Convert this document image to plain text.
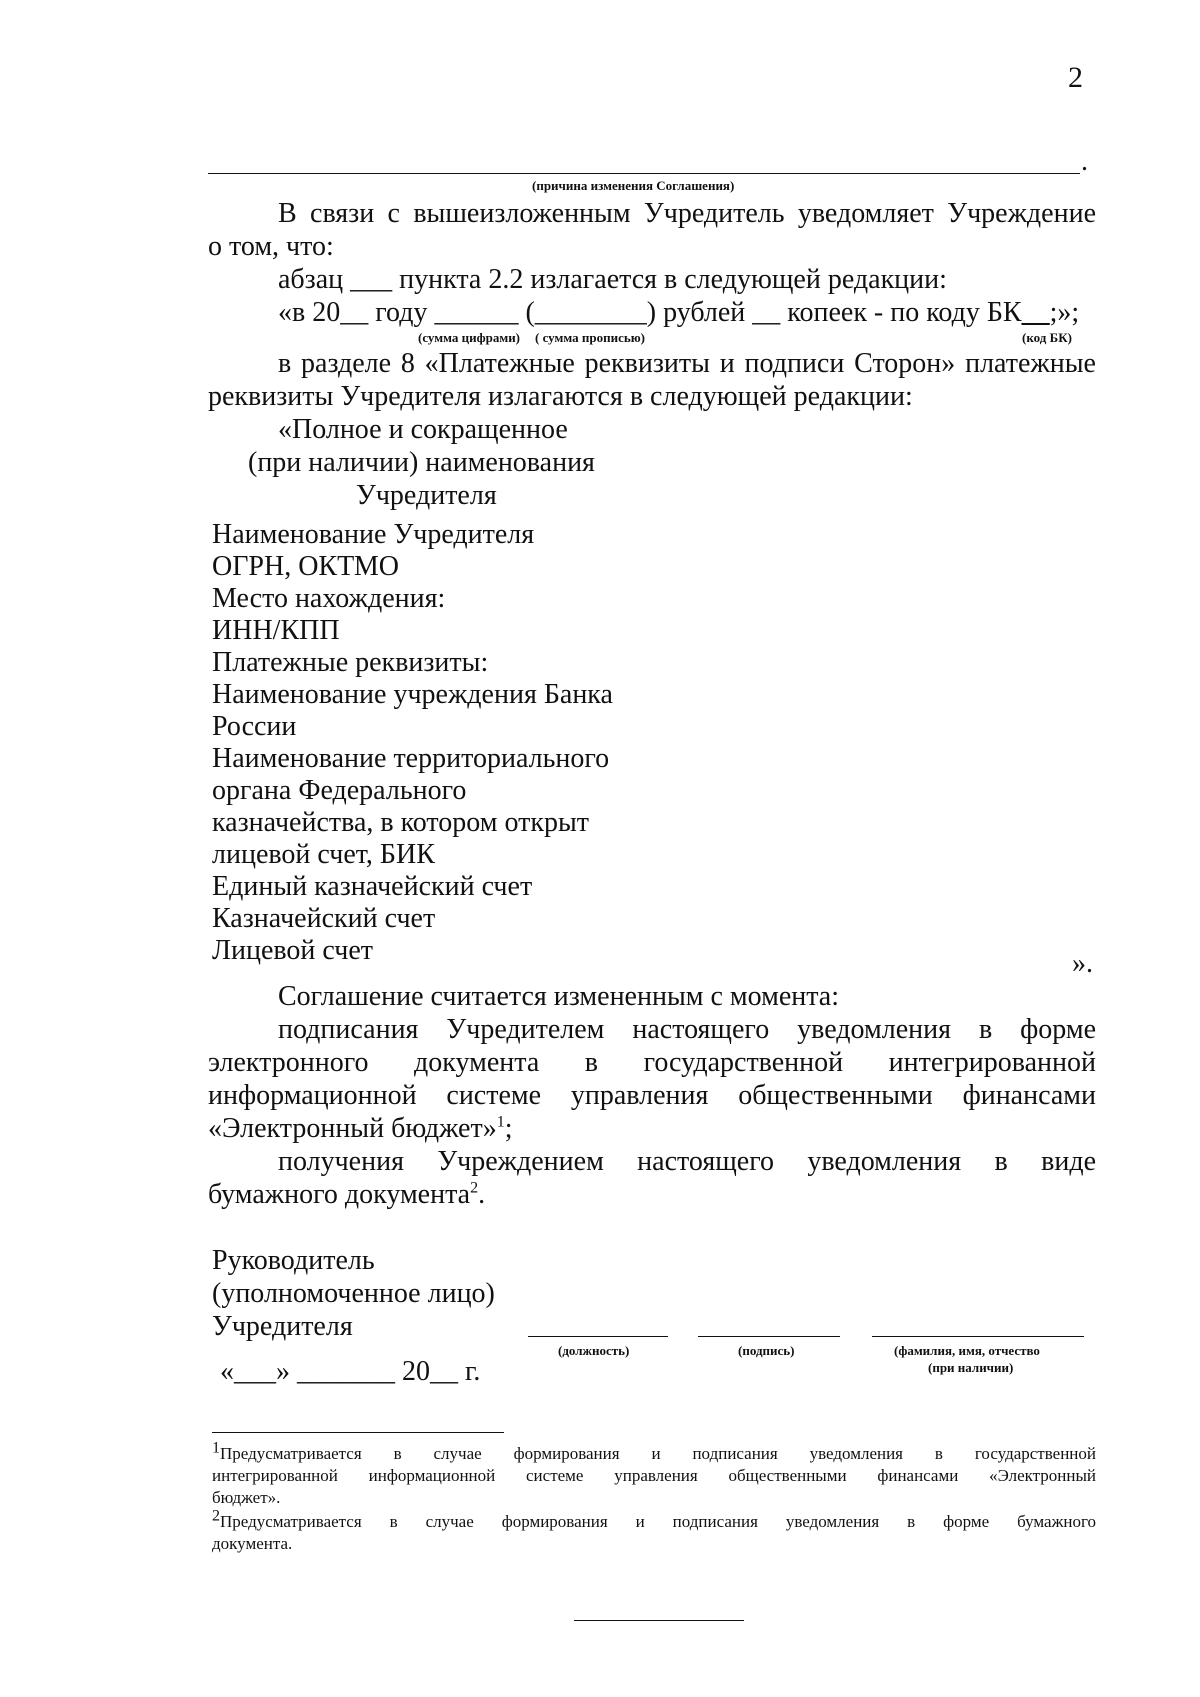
2
.
(причина изменения Соглашения)
В связи с вышеизложенным Учредитель уведомляет Учреждение
о том, что:
абзац ___ пункта 2.2 излагается в следующей редакции:
«в 20__ году ______ (________) рублей __ копеек - по коду БК__;»;
(сумма цифрами) ( сумма прописью)	(код БК)
в разделе 8 «Платежные реквизиты и подписи Сторон» платежные
реквизиты Учредителя излагаются в следующей редакции:
«Полное и сокращенное
(при наличии) наименования
Учредителя
Наименование Учредителя
ОГРН, ОКТМО
Место нахождения:
ИНН/КПП
Платежные реквизиты:
Наименование учреждения Банка
России
Наименование территориального
органа Федерального
казначейства, в котором открыт
лицевой счет, БИК
Единый казначейский счет
Казначейский счет
Лицевой счет	».
Соглашение считается измененным с момента:
подписания Учредителем настоящего уведомления в форме
электронного документа в государственной интегрированной
информационной системе управления общественными финансами
«Электронный бюджет»$^1$;
получения Учреждением настоящего уведомления в виде
бумажного документа$^2$.
Руководитель
(уполномоченное лицо)
Учредителя
«___» _______ 20__ г.
(должность)	(подпись)	(фамилия, имя, отчество
(при наличии)
$^1$Предусматривается в случае формирования и подписания уведомления в государственной
интегрированной информационной системе управления общественными финансами «Электронный
бюджет».
$^2$Предусматривается в случае формирования и подписания уведомления в форме бумажного
документа.
